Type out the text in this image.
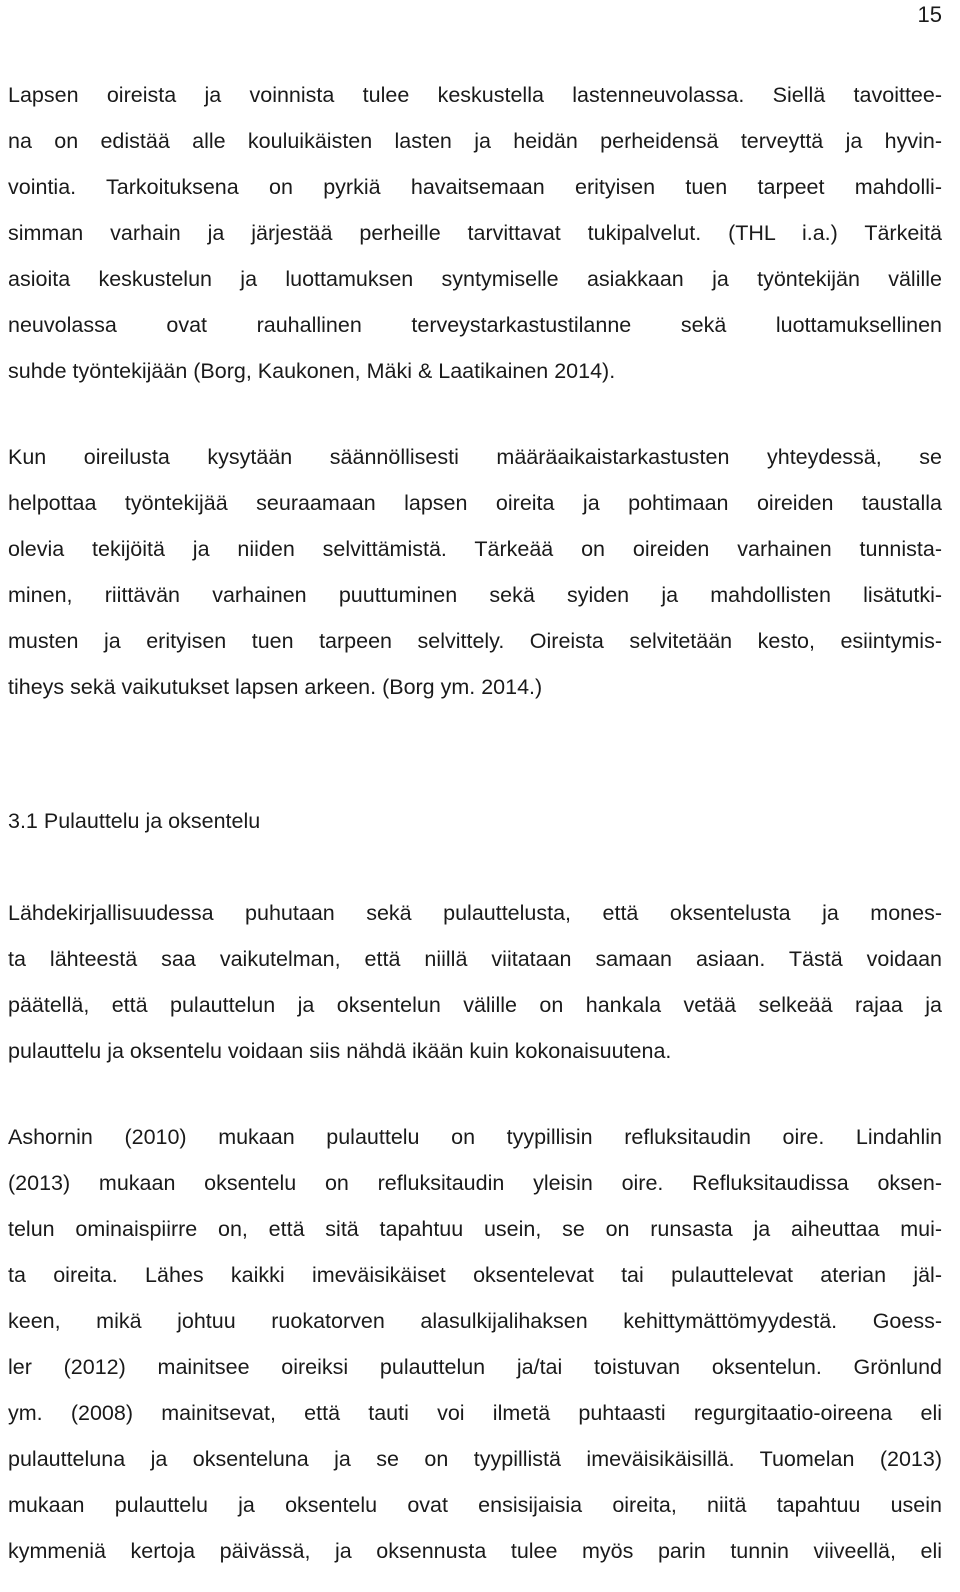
15
Lapsen oireista ja voinnista tulee keskustella lastenneuvolassa. Siellä tavoittee-
na on edistää alle kouluikäisten lasten ja heidän perheidensä terveyttä ja hyvin-
vointia. Tarkoituksena on pyrkiä havaitsemaan erityisen tuen tarpeet mahdolli-
simman varhain ja järjestää perheille tarvittavat tukipalvelut. (THL i.a.) Tärkeitä
asioita keskustelun ja luottamuksen syntymiselle asiakkaan ja työntekijän välille
neuvolassa ovat rauhallinen terveystarkastustilanne sekä luottamuksellinen
suhde työntekijään (Borg, Kaukonen, Mäki & Laatikainen 2014).
Kun oireilusta kysytään säännöllisesti määräaikaistarkastusten yhteydessä, se
helpottaa työntekijää seuraamaan lapsen oireita ja pohtimaan oireiden taustalla
olevia tekijöitä ja niiden selvittämistä. Tärkeää on oireiden varhainen tunnista-
minen, riittävän varhainen puuttuminen sekä syiden ja mahdollisten lisätutki-
musten ja erityisen tuen tarpeen selvittely. Oireista selvitetään kesto, esiintymis-
tiheys sekä vaikutukset lapsen arkeen. (Borg ym. 2014.)
3.1 Pulauttelu ja oksentelu
Lähdekirjallisuudessa puhutaan sekä pulauttelusta, että oksentelusta ja mones-
ta lähteestä saa vaikutelman, että niillä viitataan samaan asiaan. Tästä voidaan
päätellä, että pulauttelun ja oksentelun välille on hankala vetää selkeää rajaa ja
pulauttelu ja oksentelu voidaan siis nähdä ikään kuin kokonaisuutena.
Ashornin (2010) mukaan pulauttelu on tyypillisin refluksitaudin oire. Lindahlin
(2013) mukaan oksentelu on refluksitaudin yleisin oire. Refluksitaudissa oksen-
telun ominaispiirre on, että sitä tapahtuu usein, se on runsasta ja aiheuttaa mui-
ta oireita. Lähes kaikki imeväisikäiset oksentelevat tai pulauttelevat aterian jäl-
keen, mikä johtuu ruokatorven alasulkijalihaksen kehittymättömyydestä. Goess-
ler (2012) mainitsee oireiksi pulauttelun ja/tai toistuvan oksentelun. Grönlund
ym. (2008) mainitsevat, että tauti voi ilmetä puhtaasti regurgitaatio-oireena eli
pulautteluna ja oksenteluna ja se on tyypillistä imeväisikäisillä. Tuomelan (2013)
mukaan pulauttelu ja oksentelu ovat ensisijaisia oireita, niitä tapahtuu usein
kymmeniä kertoja päivässä, ja oksennusta tulee myös parin tunnin viiveellä, eli
